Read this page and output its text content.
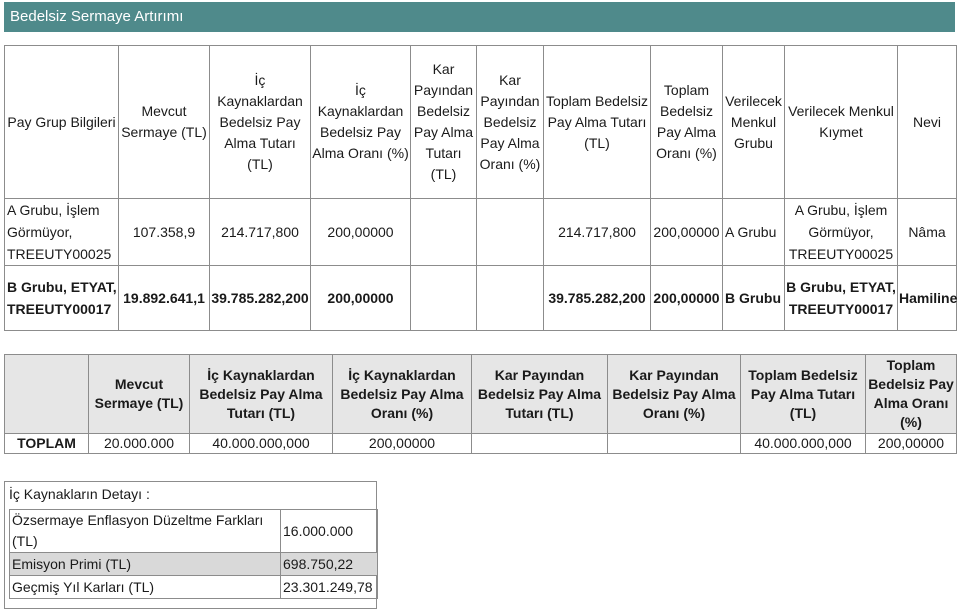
Bedelsiz Sermaye Artırımı
Pay Grup Bilgileri	Mevcut Sermaye (TL)	İç Kaynaklardan Bedelsiz Pay Alma Tutarı (TL)	İç Kaynaklardan Bedelsiz Pay Alma Oranı (%)	Kar Payından Bedelsiz Pay Alma Tutarı (TL)	Kar Payından Bedelsiz Pay Alma Oranı (%)	Toplam Bedelsiz Pay Alma Tutarı (TL)	Toplam Bedelsiz Pay Alma Oranı (%)	Verilecek Menkul Grubu	Verilecek Menkul Kıymet	Nevi
A Grubu, İşlem Görmüyor, TREEUTY00025	107.358,9	214.717,800	200,00000			214.717,800	200,00000	A Grubu	A Grubu, İşlem Görmüyor, TREEUTY00025	Nâma
B Grubu, ETYAT, TREEUTY00017	19.892.641,1	39.785.282,200	200,00000			39.785.282,200	200,00000	B Grubu	B Grubu, ETYAT, TREEUTY00017	Hamiline
	Mevcut Sermaye (TL)	İç Kaynaklardan Bedelsiz Pay Alma Tutarı (TL)	İç Kaynaklardan Bedelsiz Pay Alma Oranı (%)	Kar Payından Bedelsiz Pay Alma Tutarı (TL)	Kar Payından Bedelsiz Pay Alma Oranı (%)	Toplam Bedelsiz Pay Alma Tutarı (TL)	Toplam Bedelsiz Pay Alma Oranı (%)
TOPLAM	20.000.000	40.000.000,000	200,00000			40.000.000,000	200,00000
İç Kaynakların Detayı :
Özsermaye Enflasyon Düzeltme Farkları (TL)	16.000.000
Emisyon Primi (TL)	698.750,22
Geçmiş Yıl Karları (TL)	23.301.249,78
